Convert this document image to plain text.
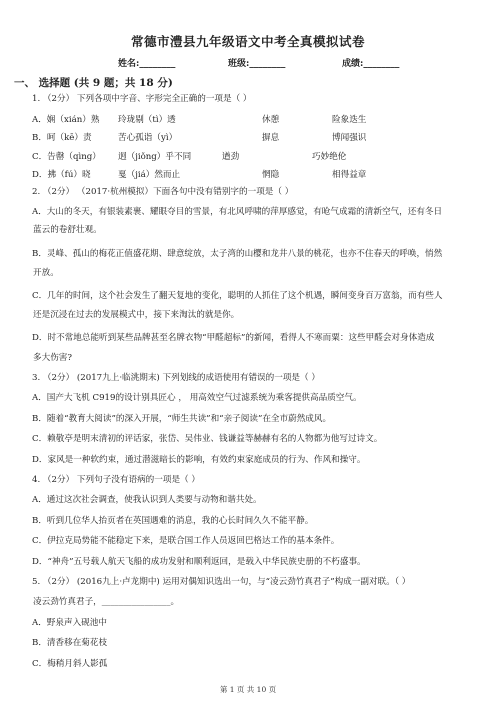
常德市澧县九年级语文中考全真模拟试卷
姓名:________	班级:________	成绩:________
一、 选择题 (共 9 题；共 18 分)
1. （2分） 下列各项中字音、字形完全正确的一项是（ ）
A．娴（xián）熟 玲珑剔（tì）透	休憩	险象迭生
B．呵（kē）责	苦心孤诣（yì）	摒息	博闻强识
C．告罄（qìng） 迥（jiǒng）乎不同	遒劲	巧妙绝伦
D．拂（fú）晓	戛（jiá）然而止	惘隐	相得益章
2. （2分） （2017·杭州模拟）下面各句中没有错别字的一项是（ ）
A．大山的冬天，有银装素裹、耀眼夺目的雪景，有北风呼啸的萍厚感觉，有呛气成霜的清新空气，还有冬日
蓝云的卷舒壮观。
B．灵峰、孤山的梅花正值盛花期、肆意绽放，太子湾的山樱和龙井八景的桃花，也亦不住春天的呼唤，悄然
开放。
C．几年的时间，这个社会发生了翻天复地的变化，聪明的人抓住了这个机遇，瞬间变身百万富翁，而有些人
还是沉浸在过去的发展模式中，接下来淘汰的就是你。
D．时不常地总能听到某些品牌甚至名牌衣物“甲醛超标”的新闻，看得人不寒而粟：这些甲醛会对身体造成
多大伤害?
3. （2分） (2017九上·临洮期末) 下列划线的成语使用有错误的一项是（ ）
A．国产大飞机 C919的设计别具匠心 ， 用高效空气过滤系统为乘客提供高品质空气。
B．随着“教育大阅读”的深入开展，“师生共读”和“亲子阅读”在全市蔚然成风。
C．赖敬亭是明末清初的评话家，张岱、吴伟业、钱谦益等赫赫有名的人物都为他写过诗文。
D．家风是一种软约束，通过潜滋暗长的影响，有效约束家庭成员的行为、作风和操守。
4. （2分） 下列句子没有语病的一项是（ ）
A．通过这次社会调查，使我认识到人类要与动物和谐共处。
B．听到几位华人抬页者在英国遇难的消息，我的心长时间久久不能平静。
C．伊拉克局势能不能稳定下来，是联合国工作人员返回巴格达工作的基本条件。
D．“神舟”五号载人航天飞船的成功发射和顺利返回，是载入中华民族史册的不朽盛事。
5. （2分） (2016九上·卢龙期中) 运用对偶知识选出一句，与“凌云劲竹真君子”构成一副对联。（ ）
凌云劲竹真君子，________________。
A．野泉声入砚池中
B．清香移在菊花枝
C．梅稍月斜人影孤
第 1 页 共 10 页
